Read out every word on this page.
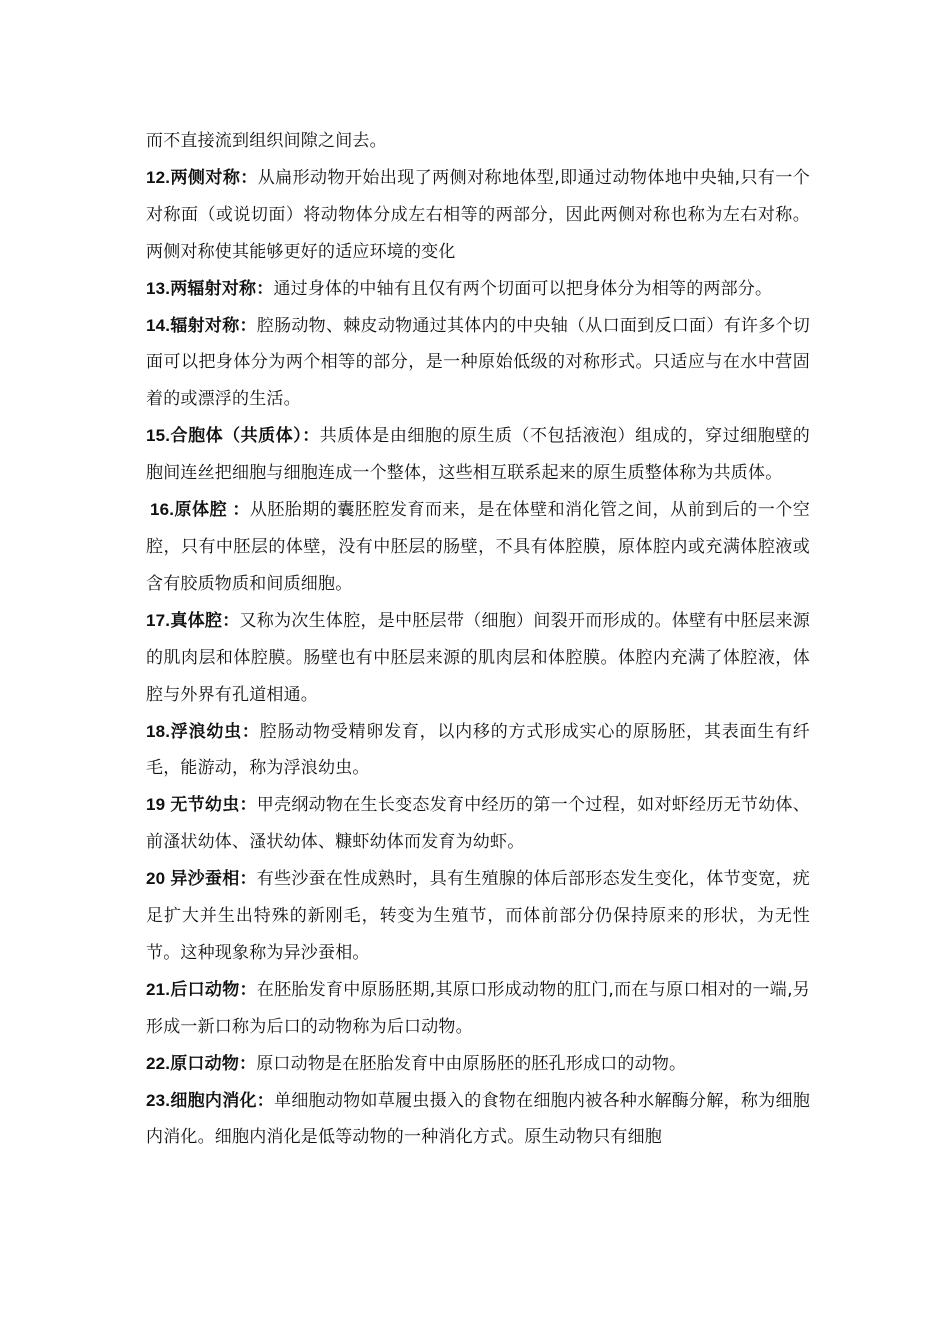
而不直接流到组织间隙之间去。

12.两侧对称：从扁形动物开始出现了两侧对称地体型,即通过动物体地中央轴,只有一个对称面（或说切面）将动物体分成左右相等的两部分，因此两侧对称也称为左右对称。两侧对称使其能够更好的适应环境的变化

13.两辐射对称：通过身体的中轴有且仅有两个切面可以把身体分为相等的两部分。

14.辐射对称：腔肠动物、棘皮动物通过其体内的中央轴（从口面到反口面）有许多个切面可以把身体分为两个相等的部分，是一种原始低级的对称形式。只适应与在水中营固着的或漂浮的生活。

15.合胞体（共质体）：共质体是由细胞的原生质（不包括液泡）组成的，穿过细胞壁的胞间连丝把细胞与细胞连成一个整体，这些相互联系起来的原生质整体称为共质体。

16.原体腔 ：从胚胎期的囊胚腔发育而来，是在体壁和消化管之间，从前到后的一个空腔，只有中胚层的体壁，没有中胚层的肠壁，不具有体腔膜，原体腔内或充满体腔液或含有胶质物质和间质细胞。

17.真体腔：又称为次生体腔，是中胚层带（细胞）间裂开而形成的。体壁有中胚层来源的肌肉层和体腔膜。肠壁也有中胚层来源的肌肉层和体腔膜。体腔内充满了体腔液，体腔与外界有孔道相通。

18.浮浪幼虫：腔肠动物受精卵发育，以内移的方式形成实心的原肠胚，其表面生有纤毛，能游动，称为浮浪幼虫。

19 无节幼虫：甲壳纲动物在生长变态发育中经历的第一个过程，如对虾经历无节幼体、前溞状幼体、溞状幼体、糠虾幼体而发育为幼虾。

20 异沙蚕相：有些沙蚕在性成熟时，具有生殖腺的体后部形态发生变化，体节变宽，疣足扩大并生出特殊的新刚毛，转变为生殖节，而体前部分仍保持原来的形状，为无性节。这种现象称为异沙蚕相。

21.后口动物：在胚胎发育中原肠胚期,其原口形成动物的肛门,而在与原口相对的一端,另形成一新口称为后口的动物称为后口动物。

22.原口动物：原口动物是在胚胎发育中由原肠胚的胚孔形成口的动物。

23.细胞内消化：单细胞动物如草履虫摄入的食物在细胞内被各种水解酶分解，称为细胞内消化。细胞内消化是低等动物的一种消化方式。原生动物只有细胞
